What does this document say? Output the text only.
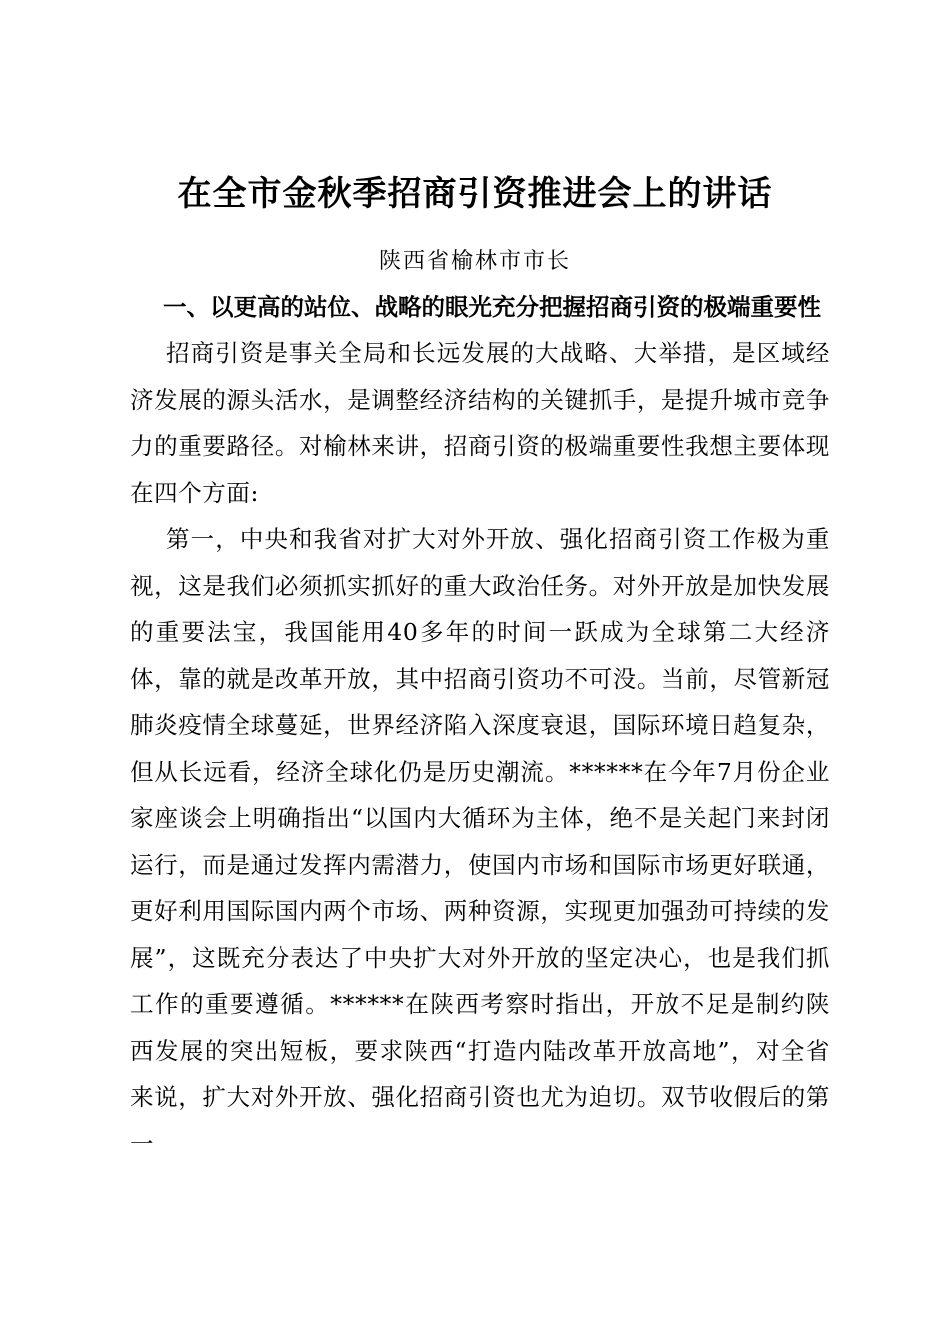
在全市金秋季招商引资推进会上的讲话

陕西省榆林市市长

一、以更高的站位、战略的眼光充分把握招商引资的极端重要性

招商引资是事关全局和长远发展的大战略、大举措，是区域经济发展的源头活水，是调整经济结构的关键抓手，是提升城市竞争力的重要路径。对榆林来讲，招商引资的极端重要性我想主要体现在四个方面:

第一，中央和我省对扩大对外开放、强化招商引资工作极为重视，这是我们必须抓实抓好的重大政治任务。对外开放是加快发展的重要法宝，我国能用40多年的时间一跃成为全球第二大经济体，靠的就是改革开放，其中招商引资功不可没。当前，尽管新冠肺炎疫情全球蔓延，世界经济陷入深度衰退，国际环境日趋复杂，但从长远看，经济全球化仍是历史潮流。******在今年7月份企业家座谈会上明确指出“以国内大循环为主体，绝不是关起门来封闭运行，而是通过发挥内需潜力，使国内市场和国际市场更好联通，更好利用国际国内两个市场、两种资源，实现更加强劲可持续的发展”，这既充分表达了中央扩大对外开放的坚定决心，也是我们抓工作的重要遵循。******在陕西考察时指出，开放不足是制约陕西发展的突出短板，要求陕西“打造内陆改革开放高地”，对全省来说，扩大对外开放、强化招商引资也尤为迫切。双节收假后的第一
